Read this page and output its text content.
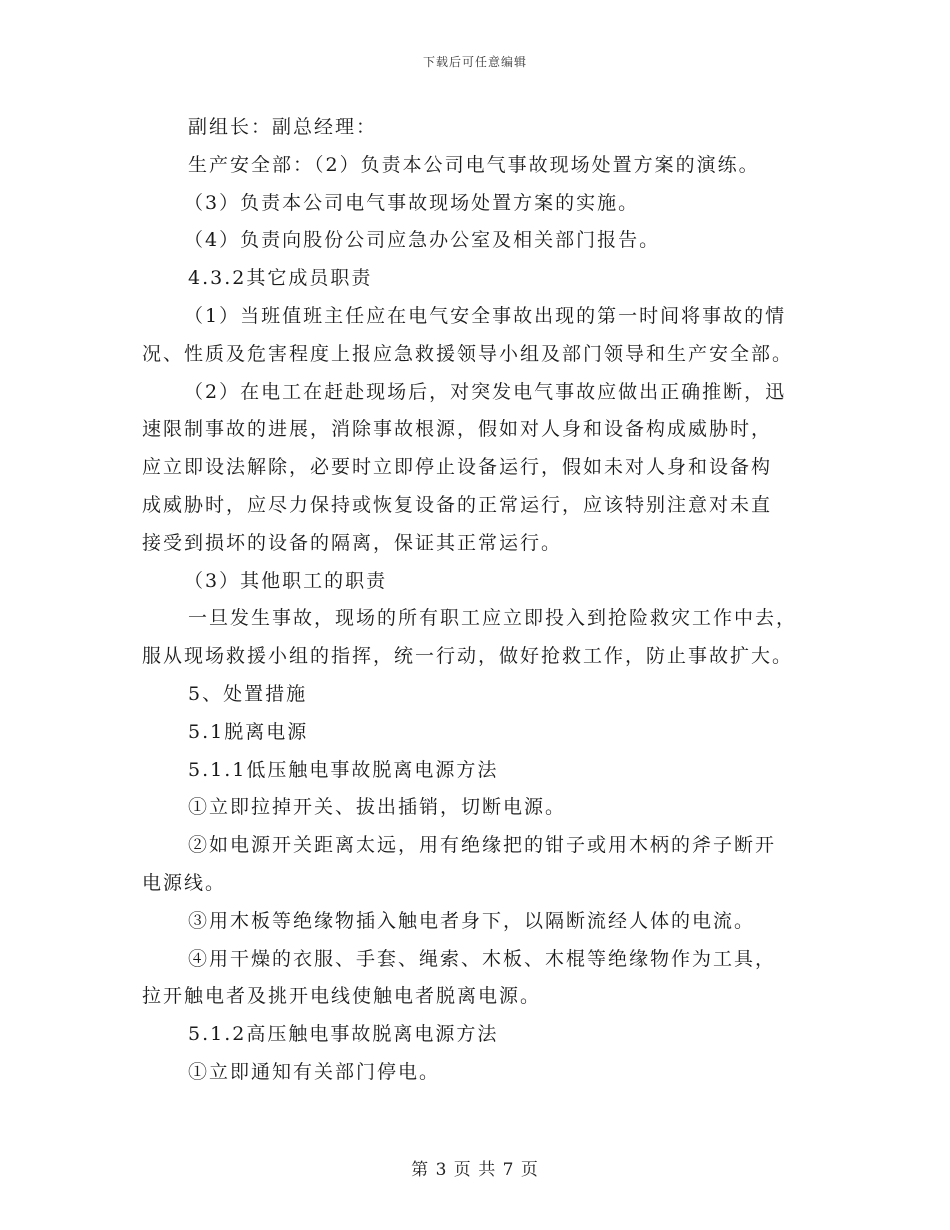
下载后可任意编辑
副组长：副总经理：
生产安全部：（2）负责本公司电气事故现场处置方案的演练。
（3）负责本公司电气事故现场处置方案的实施。
（4）负责向股份公司应急办公室及相关部门报告。
4.3.2其它成员职责
（1）当班值班主任应在电气安全事故出现的第一时间将事故的情
况、性质及危害程度上报应急救援领导小组及部门领导和生产安全部。
（2）在电工在赶赴现场后，对突发电气事故应做出正确推断，迅
速限制事故的进展，消除事故根源，假如对人身和设备构成威胁时，
应立即设法解除，必要时立即停止设备运行，假如未对人身和设备构
成威胁时，应尽力保持或恢复设备的正常运行，应该特别注意对未直
接受到损坏的设备的隔离，保证其正常运行。
（3）其他职工的职责
一旦发生事故，现场的所有职工应立即投入到抢险救灾工作中去，
服从现场救援小组的指挥，统一行动，做好抢救工作，防止事故扩大。
5、处置措施
5.1脱离电源
5.1.1低压触电事故脱离电源方法
①立即拉掉开关、拔出插销，切断电源。
②如电源开关距离太远，用有绝缘把的钳子或用木柄的斧子断开
电源线。
③用木板等绝缘物插入触电者身下，以隔断流经人体的电流。
④用干燥的衣服、手套、绳索、木板、木棍等绝缘物作为工具，
拉开触电者及挑开电线使触电者脱离电源。
5.1.2高压触电事故脱离电源方法
①立即通知有关部门停电。
第 3 页 共 7 页
